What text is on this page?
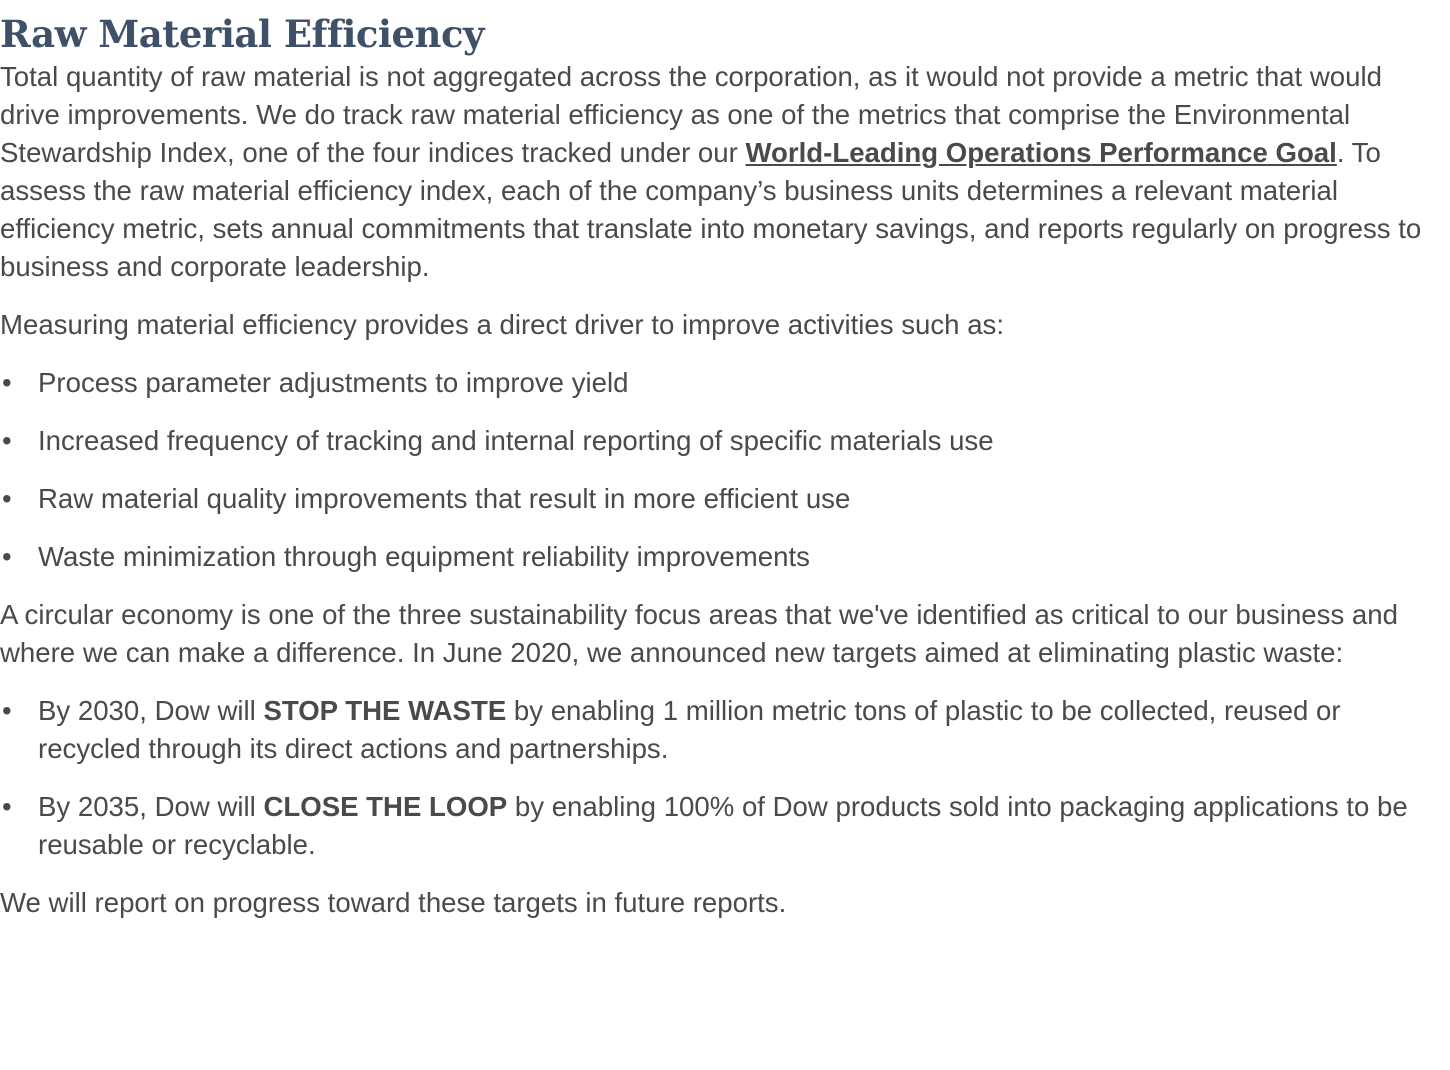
Raw Material Efficiency

Total quantity of raw material is not aggregated across the corporation, as it would not provide a metric that would drive improvements. We do track raw material efficiency as one of the metrics that comprise the Environmental Stewardship Index, one of the four indices tracked under our World-Leading Operations Performance Goal. To assess the raw material efficiency index, each of the company’s business units determines a relevant material efficiency metric, sets annual commitments that translate into monetary savings, and reports regularly on progress to business and corporate leadership.

Measuring material efficiency provides a direct driver to improve activities such as:

• Process parameter adjustments to improve yield
• Increased frequency of tracking and internal reporting of specific materials use
• Raw material quality improvements that result in more efficient use
• Waste minimization through equipment reliability improvements

A circular economy is one of the three sustainability focus areas that we've identified as critical to our business and where we can make a difference. In June 2020, we announced new targets aimed at eliminating plastic waste:

• By 2030, Dow will STOP THE WASTE by enabling 1 million metric tons of plastic to be collected, reused or recycled through its direct actions and partnerships.
• By 2035, Dow will CLOSE THE LOOP by enabling 100% of Dow products sold into packaging applications to be reusable or recyclable.

We will report on progress toward these targets in future reports.
